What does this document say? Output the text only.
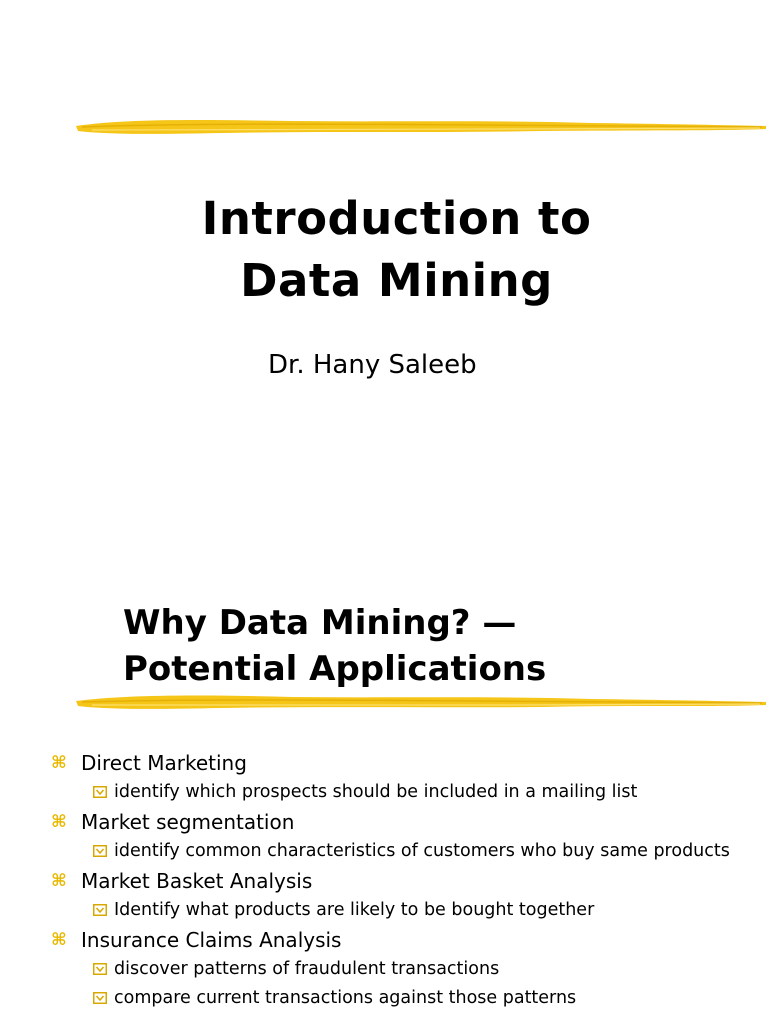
Introduction to
Data Mining
Dr. Hany Saleeb
Why Data Mining? —
Potential Applications
⌘ Direct Marketing
identify which prospects should be included in a mailing list
⌘ Market segmentation
identify common characteristics of customers who buy same products
⌘ Market Basket Analysis
Identify what products are likely to be bought together
⌘ Insurance Claims Analysis
discover patterns of fraudulent transactions
compare current transactions against those patterns
